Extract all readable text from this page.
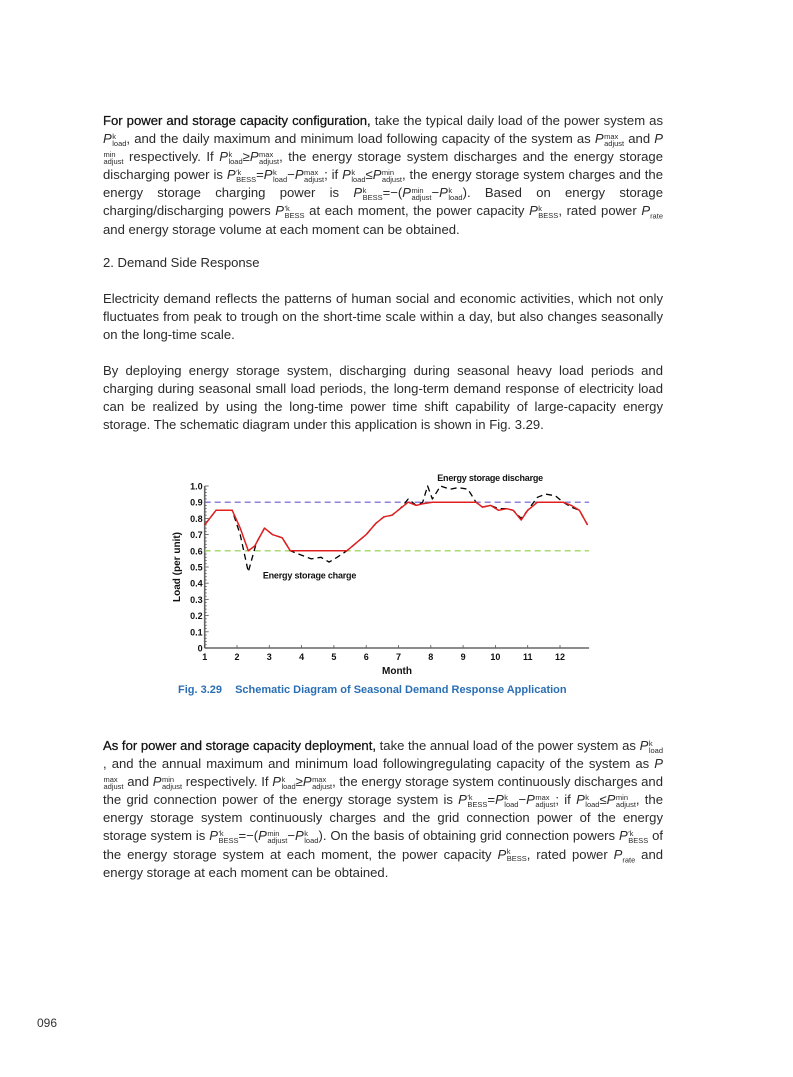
For power and storage capacity configuration, take the typical daily load of the power system as P k
load , and the daily maximum and minimum load following capacity of the system as P max
adjust and P
min
adjust respectively. If P k
load ≥P max
adjust , the energy storage system discharges and the energy storage discharging power is P ′k
BESS =P k
load −P max
adjust ; if P k
load ≤P min
adjust , the energy storage system charges and the energy storage charging power is P k
BESS =−(P min
adjust −P k
load ). Based on energy storage charging/discharging powers P ′k
BESS at each moment, the power capacity P k
BESS , rated power $P_{rate}$ and energy storage volume at each moment can be obtained.

2. Demand Side Response

Electricity demand reflects the patterns of human social and economic activities, which not only fluctuates from peak to trough on the short-time scale within a day, but also changes seasonally on the long-time scale.

By deploying energy storage system, discharging during seasonal heavy load periods and charging during seasonal small load periods, the long-term demand response of electricity load can be realized by using the long-time power time shift capability of large-capacity energy storage. The schematic diagram under this application is shown in Fig. 3.29.

0
0.1
0.2
0.3
0.4
0.5
0.6
0.7
0.8
0.9
1.0
1	2	3	4	5	6	7	8	9	10	11	12
Energy storage discharge
Energy storage charge
Month
Load (per unit)
Fig. 3.29 Schematic Diagram of Seasonal Demand Response Application

As for power and storage capacity deployment, take the annual load of the power system as P k
load
, and the annual maximum and minimum load followingregulating capacity of the system as P
max
adjust and P min
adjust respectively. If P k
load ≥P max
adjust , the energy storage system continuously discharges and the grid connection power of the energy storage system is P ′k
BESS =P k
load −P max
adjust ; if P k
load ≤P min
adjust , the energy storage system continuously charges and the grid connection power of the energy storage system is P ′k
BESS =−(P min
adjust −P k
load ). On the basis of obtaining grid connection powers P ′k
BESS of the energy storage system at each moment, the power capacity P k
BESS , rated power $P_{rate}$ and energy storage at each moment can be obtained.

096
